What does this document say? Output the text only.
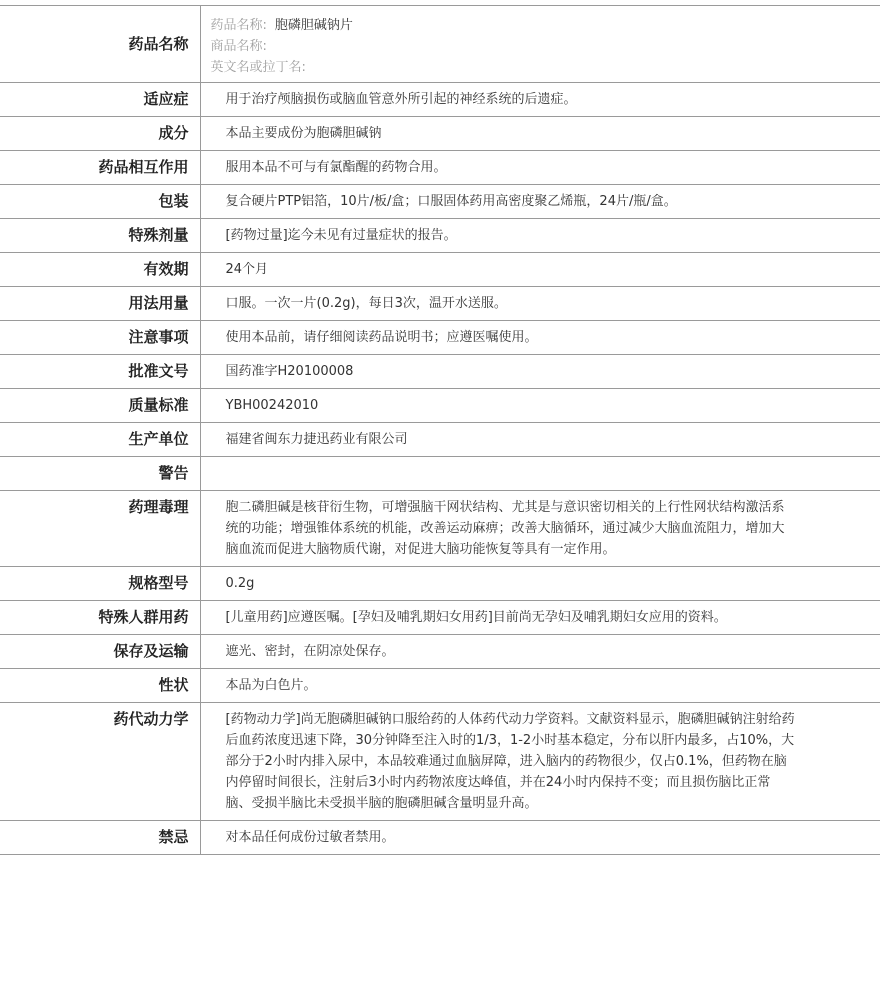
药品名称	药品名称: 胞磷胆碱钠片
商品名称:
英文名或拉丁名:

适应症	用于治疗颅脑损伤或脑血管意外所引起的神经系统的后遗症。
成分	本品主要成份为胞磷胆碱钠
药品相互作用	服用本品不可与有氯酯醒的药物合用。
包装	复合硬片PTP铝箔，10片/板/盒；口服固体药用高密度聚乙烯瓶，24片/瓶/盒。
特殊剂量	[药物过量]迄今未见有过量症状的报告。
有效期	24个月
用法用量	口服。一次一片(0.2g)，每日3次，温开水送服。
注意事项	使用本品前，请仔细阅读药品说明书；应遵医嘱使用。
批准文号	国药准字H20100008
质量标准	YBH00242010
生产单位	福建省闽东力捷迅药业有限公司
警告	
药理毒理	胞二磷胆碱是核苷衍生物，可增强脑干网状结构、尤其是与意识密切相关的上行性网状结构激活系统的功能；增强锥体系统的机能，改善运动麻痹；改善大脑循环，通过减少大脑血流阻力，增加大脑血流而促进大脑物质代谢，对促进大脑功能恢复等具有一定作用。
规格型号	0.2g
特殊人群用药	[儿童用药]应遵医嘱。[孕妇及哺乳期妇女用药]目前尚无孕妇及哺乳期妇女应用的资料。
保存及运输	遮光、密封，在阴凉处保存。
性状	本品为白色片。
药代动力学	[药物动力学]尚无胞磷胆碱钠口服给药的人体药代动力学资料。文献资料显示，胞磷胆碱钠注射给药后血药浓度迅速下降，30分钟降至注入时的1/3，1-2小时基本稳定，分布以肝内最多，占10%，大部分于2小时内排入尿中，本品较难通过血脑屏障，进入脑内的药物很少，仅占0.1%，但药物在脑内停留时间很长，注射后3小时内药物浓度达峰值，并在24小时内保持不变；而且损伤脑比正常脑、受损半脑比未受损半脑的胞磷胆碱含量明显升高。
禁忌	对本品任何成份过敏者禁用。
